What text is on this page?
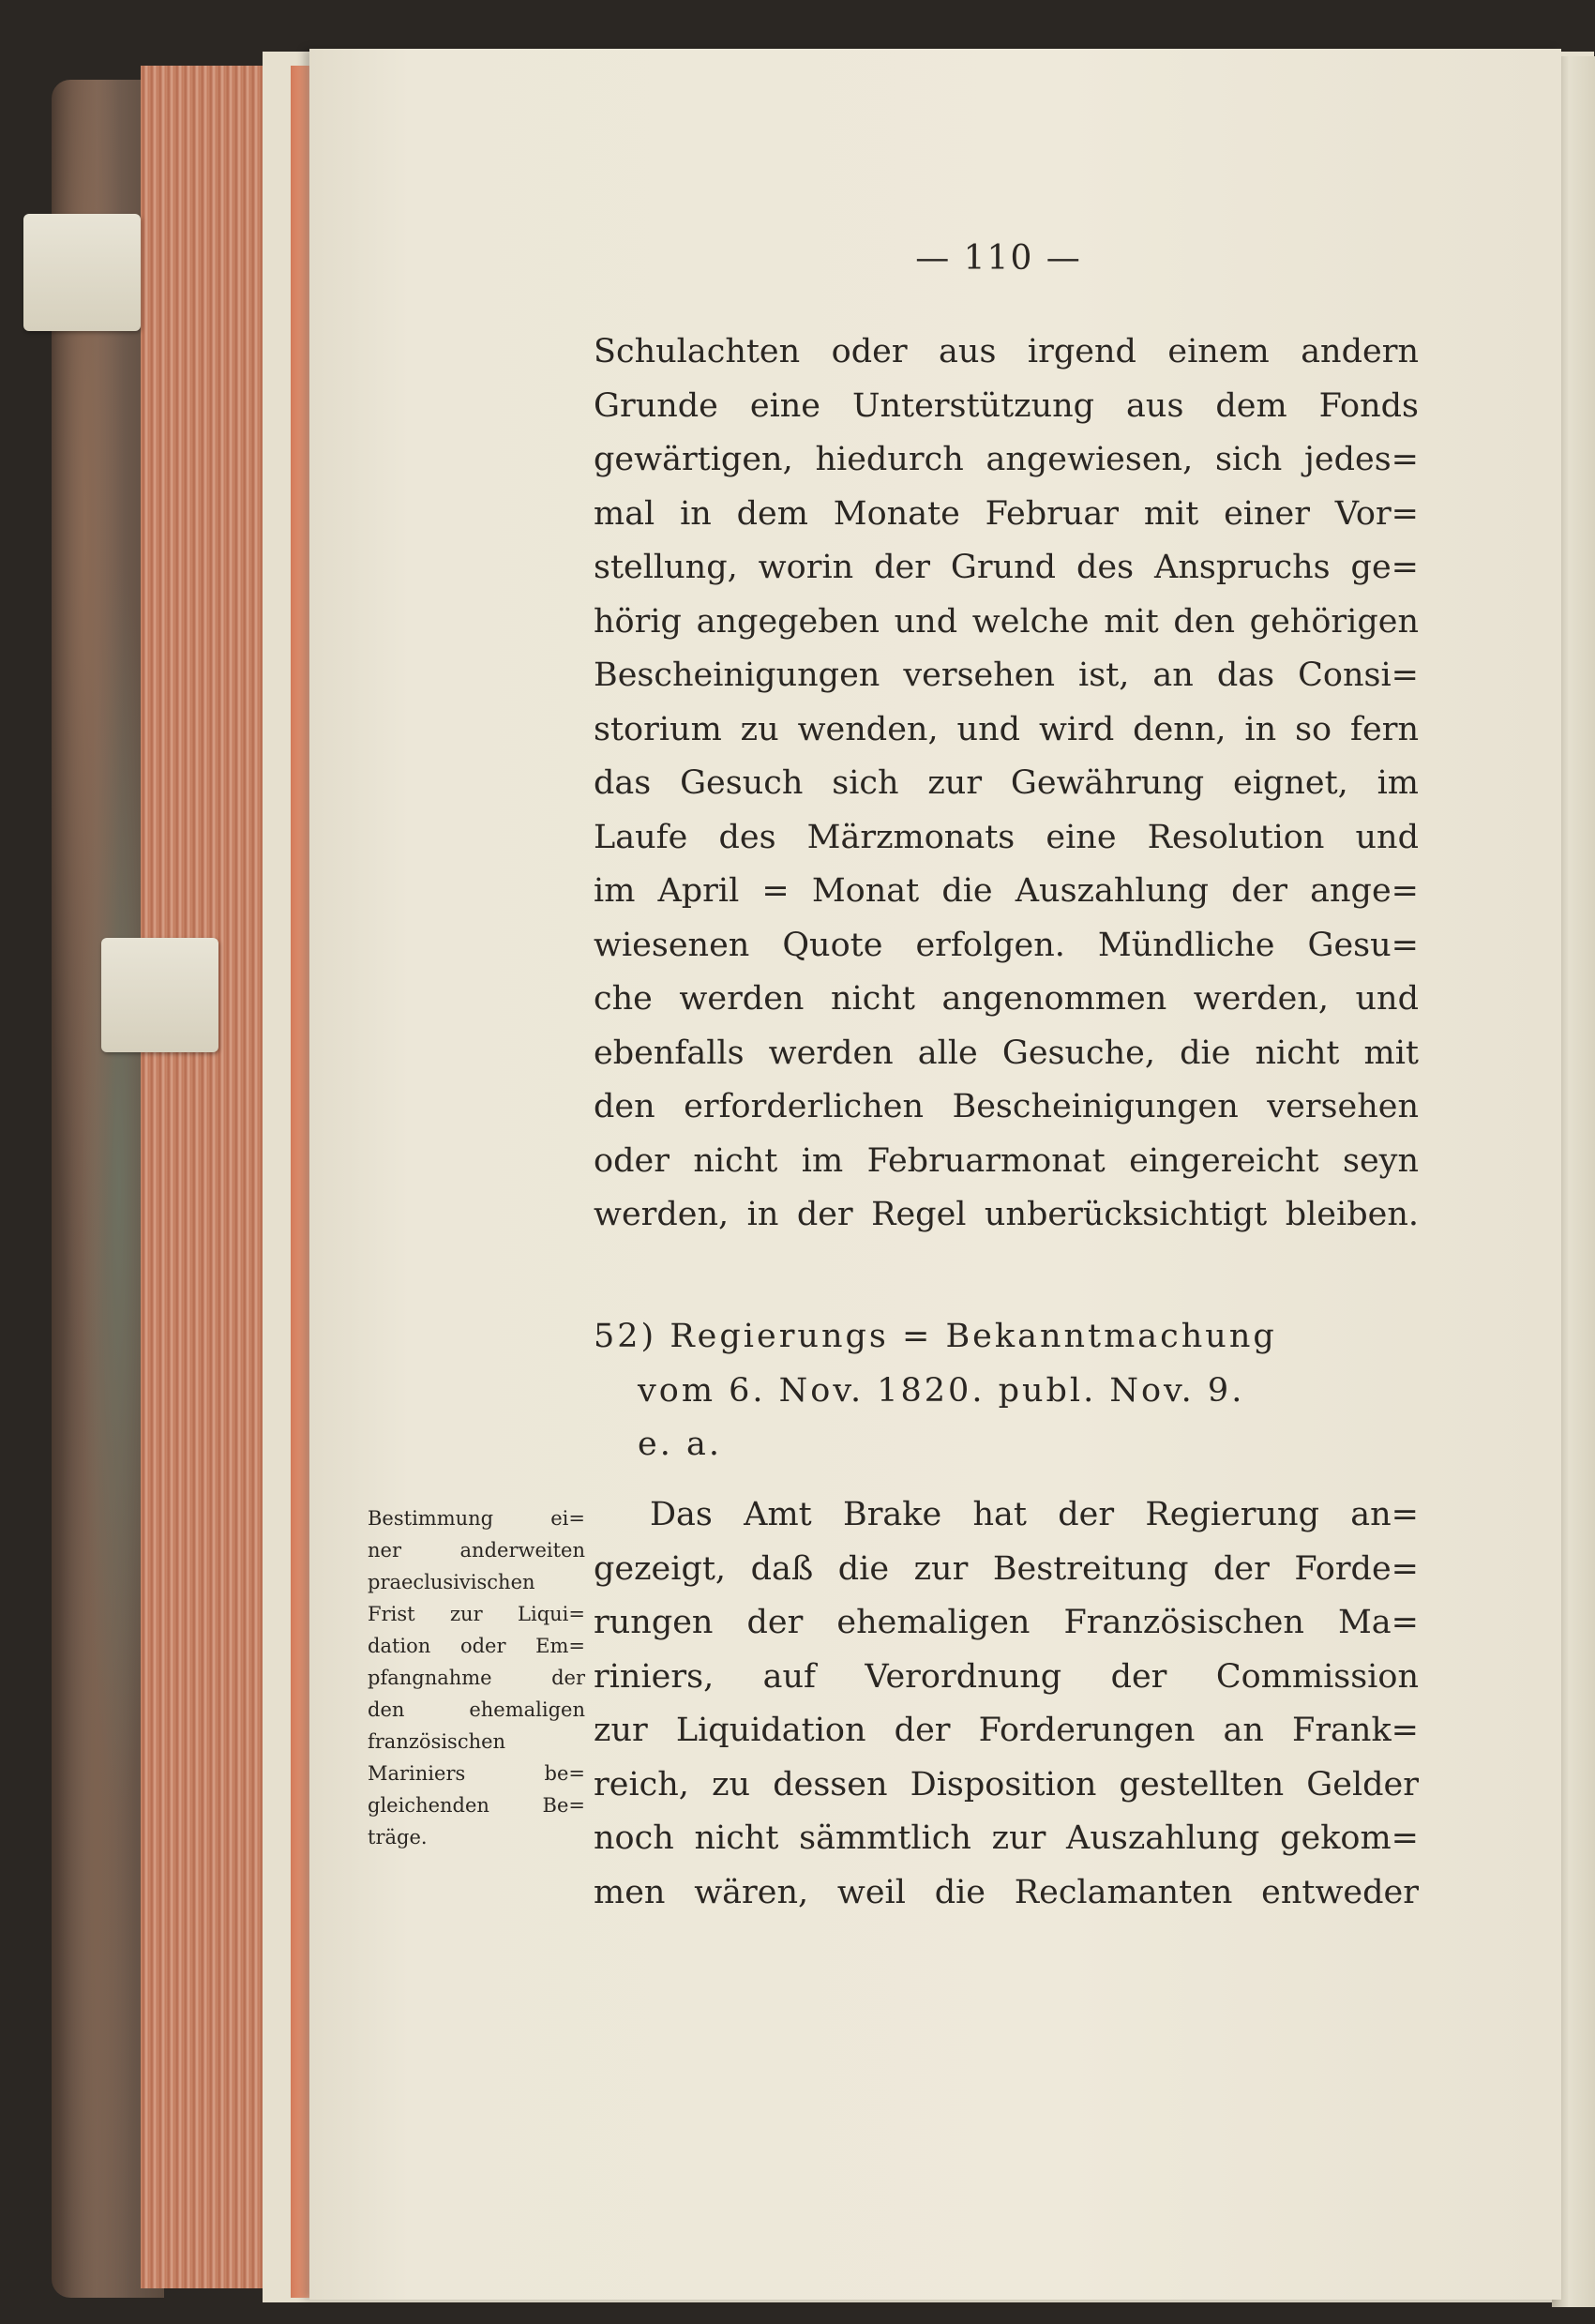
— 110 —
Schulachten oder aus irgend einem andern
Grunde eine Unterstützung aus dem Fonds
gewärtigen, hiedurch angewiesen, sich jedes=
mal in dem Monate Februar mit einer Vor=
stellung, worin der Grund des Anspruchs ge=
hörig angegeben und welche mit den gehörigen
Bescheinigungen versehen ist, an das Consi=
storium zu wenden, und wird denn, in so fern
das Gesuch sich zur Gewährung eignet, im
Laufe des Märzmonats eine Resolution und
im April = Monat die Auszahlung der ange=
wiesenen Quote erfolgen. Mündliche Gesu=
che werden nicht angenommen werden, und
ebenfalls werden alle Gesuche, die nicht mit
den erforderlichen Bescheinigungen versehen
oder nicht im Februarmonat eingereicht seyn
werden, in der Regel unberücksichtigt bleiben.
52) Regierungs = Bekanntmachung
vom 6. Nov. 1820. publ. Nov. 9.
e. a.
Das Amt Brake hat der Regierung an=
gezeigt, daß die zur Bestreitung der Forde=
rungen der ehemaligen Französischen Ma=
riniers, auf Verordnung der Commission
zur Liquidation der Forderungen an Frank=
reich, zu dessen Disposition gestellten Gelder
noch nicht sämmtlich zur Auszahlung gekom=
men wären, weil die Reclamanten entweder
Bestimmung ei=
ner anderweiten
praeclusivischen
Frist zur Liqui=
dation oder Em=
pfangnahme der
den ehemaligen
französischen
Mariniers be=
gleichenden Be=
träge.
